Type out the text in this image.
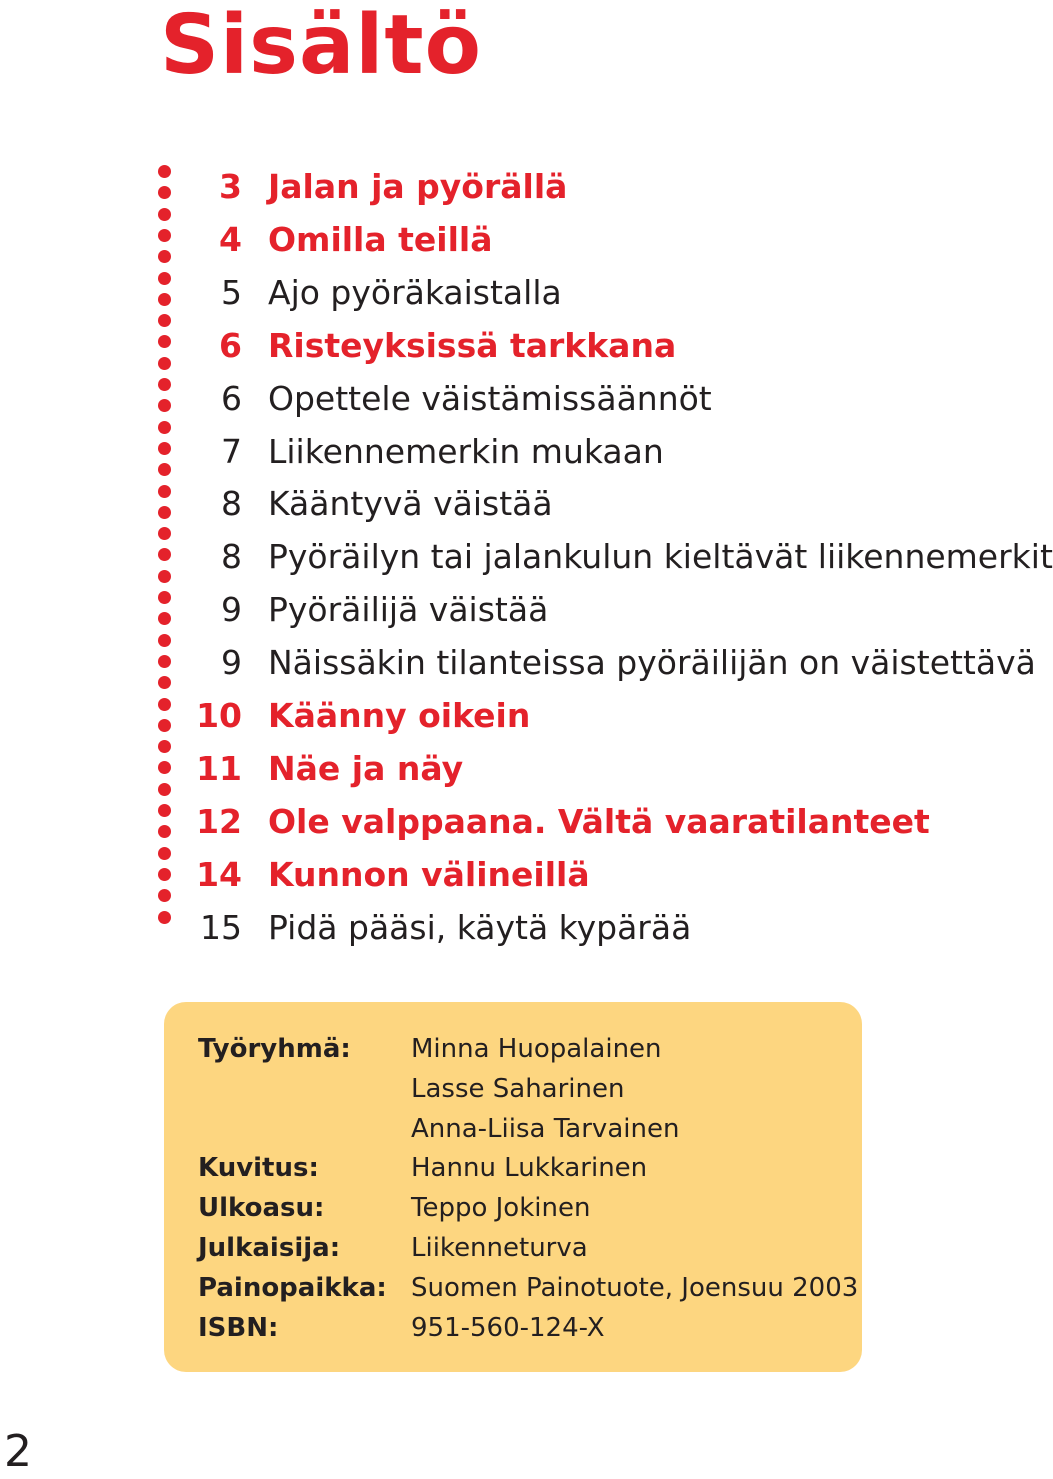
Sisältö
3 Jalan ja pyörällä
4 Omilla teillä
5 Ajo pyöräkaistalla
6 Risteyksissä tarkkana
6 Opettele väistämissäännöt
7 Liikennemerkin mukaan
8 Kääntyvä väistää
8 Pyöräilyn tai jalankulun kieltävät liikennemerkit
9 Pyöräilijä väistää
9 Näissäkin tilanteissa pyöräilijän on väistettävä
10 Käänny oikein
11 Näe ja näy
12 Ole valppaana. Vältä vaaratilanteet
14 Kunnon välineillä
15 Pidä pääsi, käytä kypärää
Työryhmä: Minna Huopalainen
Lasse Saharinen
Anna-Liisa Tarvainen
Kuvitus:	Hannu Lukkarinen
Ulkoasu:	Teppo Jokinen
Julkaisija:	Liikenneturva
Painopaikka: Suomen Painotuote, Joensuu 2003
ISBN:	951-560-124-X
2
